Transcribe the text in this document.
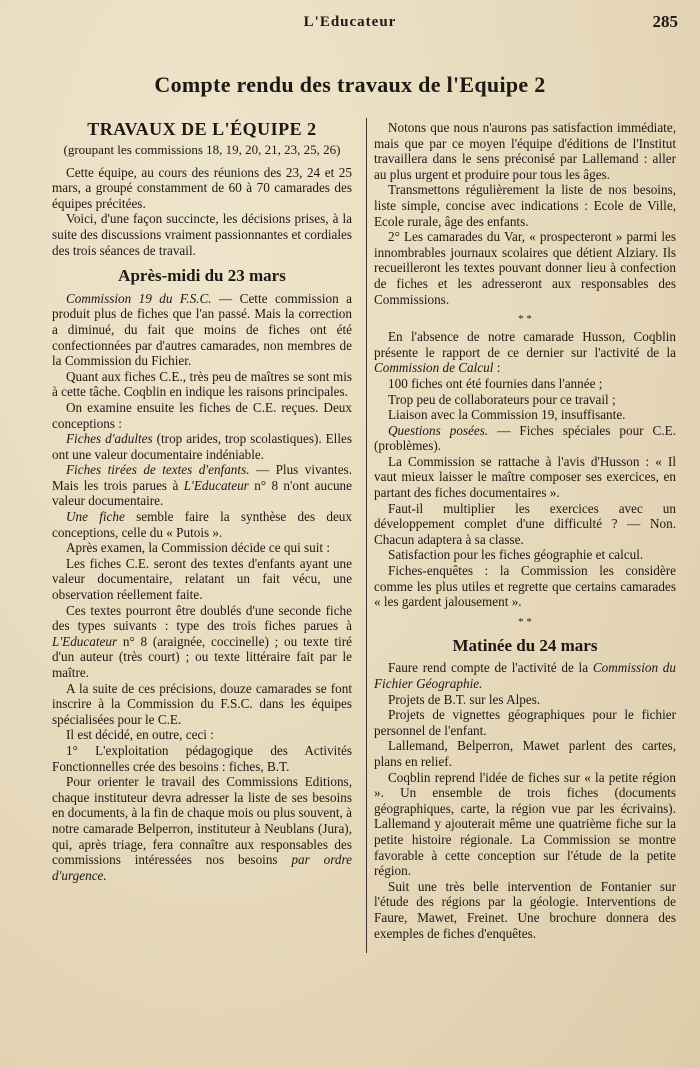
L'Educateur	285
Compte rendu des travaux de l'Equipe 2
TRAVAUX DE L'ÉQUIPE 2
(groupant les commissions 18, 19, 20, 21, 23, 25, 26)

Cette équipe, au cours des réunions des 23, 24 et 25 mars, a groupé constamment de 60 à 70 camarades des équipes précitées.

Voici, d'une façon succincte, les décisions prises, à la suite des discussions vraiment passionnantes et cordiales des trois séances de travail.

Après-midi du 23 mars

Commission 19 du F.S.C. — Cette commission a produit plus de fiches que l'an passé. Mais la correction a diminué, du fait que moins de fiches ont été confectionnées par d'autres camarades, non membres de la Commission du Fichier.

Quant aux fiches C.E., très peu de maîtres se sont mis à cette tâche. Coqblin en indique les raisons principales.

On examine ensuite les fiches de C.E. reçues. Deux conceptions :

Fiches d'adultes (trop arides, trop scolastiques). Elles ont une valeur documentaire indéniable.

Fiches tirées de textes d'enfants. — Plus vivantes. Mais les trois parues à L'Educateur n° 8 n'ont aucune valeur documentaire.

Une fiche semble faire la synthèse des deux conceptions, celle du « Putois ».

Après examen, la Commission décide ce qui suit :

Les fiches C.E. seront des textes d'enfants ayant une valeur documentaire, relatant un fait vécu, une observation réellement faite.

Ces textes pourront être doublés d'une seconde fiche des types suivants : type des trois fiches parues à L'Educateur n° 8 (araignée, coccinelle) ; ou texte tiré d'un auteur (très court) ; ou texte littéraire fait par le maître.

A la suite de ces précisions, douze camarades se font inscrire à la Commission du F.S.C. dans les équipes spécialisées pour le C.E.

Il est décidé, en outre, ceci :

1° L'exploitation pédagogique des Activités Fonctionnelles crée des besoins : fiches, B.T.

Pour orienter le travail des Commissions Editions, chaque instituteur devra adresser la liste de ses besoins en documents, à la fin de chaque mois ou plus souvent, à notre camarade Belperron, instituteur à Neublans (Jura), qui, après triage, fera connaître aux responsables des commissions intéressées nos besoins par ordre d'urgence.

Notons que nous n'aurons pas satisfaction immédiate, mais que par ce moyen l'équipe d'éditions de l'Institut travaillera dans le sens préconisé par Lallemand : aller au plus urgent et produire pour tous les âges.

Transmettons régulièrement la liste de nos besoins, liste simple, concise avec indications : Ecole de Ville, Ecole rurale, âge des enfants.

2° Les camarades du Var, « prospecteront » parmi les innombrables journaux scolaires que détient Alziary. Ils recueilleront les textes pouvant donner lieu à confection de fiches et les adresseront aux responsables des Commissions.

* *

En l'absence de notre camarade Husson, Coqblin présente le rapport de ce dernier sur l'activité de la Commission de Calcul :

100 fiches ont été fournies dans l'année ;

Trop peu de collaborateurs pour ce travail ;

Liaison avec la Commission 19, insuffisante.

Questions posées. — Fiches spéciales pour C.E. (problèmes).

La Commission se rattache à l'avis d'Husson : « Il vaut mieux laisser le maître composer ses exercices, en partant des fiches documentaires ».

Faut-il multiplier les exercices avec un développement complet d'une difficulté ? — Non. Chacun adaptera à sa classe.

Satisfaction pour les fiches géographie et calcul.

Fiches-enquêtes : la Commission les considère comme les plus utiles et regrette que certains camarades « les gardent jalousement ».

* *
Matinée du 24 mars

Faure rend compte de l'activité de la Commission du Fichier Géographie.

Projets de B.T. sur les Alpes.

Projets de vignettes géographiques pour le fichier personnel de l'enfant.

Lallemand, Belperron, Mawet parlent des cartes, plans en relief.

Coqblin reprend l'idée de fiches sur « la petite région ». Un ensemble de trois fiches (documents géographiques, carte, la région vue par les écrivains). Lallemand y ajouterait même une quatrième fiche sur la petite histoire régionale. La Commission se montre favorable à cette conception sur l'étude de la petite région.

Suit une très belle intervention de Fontanier sur l'étude des régions par la géologie. Interventions de Faure, Mawet, Freinet. Une brochure donnera des exemples de fiches d'enquêtes.
